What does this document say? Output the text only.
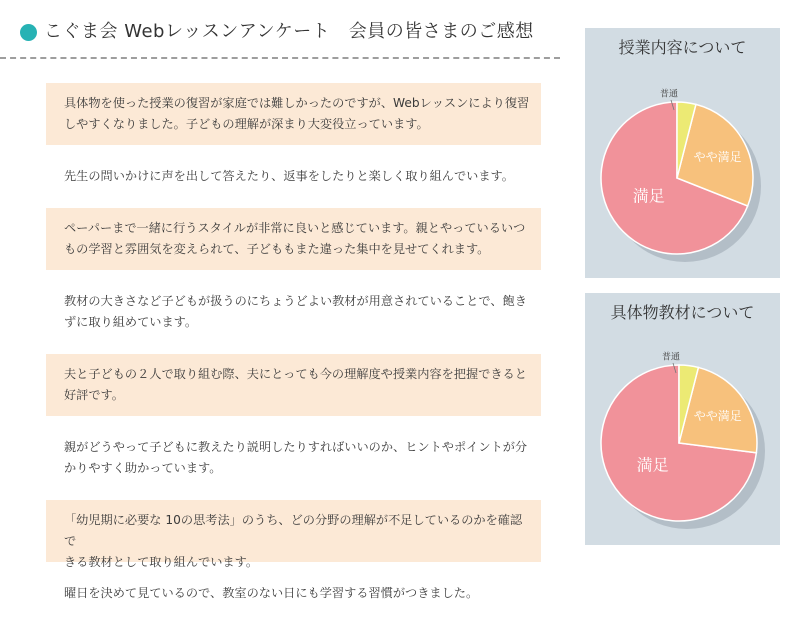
こぐま会 Webレッスンアンケート　会員の皆さまのご感想
具体物を使った授業の復習が家庭では難しかったのですが、Webレッスンにより復習
しやすくなりました。子どもの理解が深まり大変役立っています。
先生の問いかけに声を出して答えたり、返事をしたりと楽しく取り組んでいます。
ペーパーまで一緒に行うスタイルが非常に良いと感じています。親とやっているいつ
もの学習と雰囲気を変えられて、子どももまた違った集中を見せてくれます。
教材の大きさなど子どもが扱うのにちょうどよい教材が用意されていることで、飽き
ずに取り組めています。
夫と子どもの２人で取り組む際、夫にとっても今の理解度や授業内容を把握できると
好評です。
親がどうやって子どもに教えたり説明したりすればいいのか、ヒントやポイントが分
かりやすく助かっています。
「幼児期に必要な 10の思考法」のうち、どの分野の理解が不足しているのかを確認で
きる教材として取り組んでいます。
曜日を決めて見ているので、教室のない日にも学習する習慣がつきました。
授業内容について
満足
やや満足
普通
具体物教材について
満足
やや満足
普通
